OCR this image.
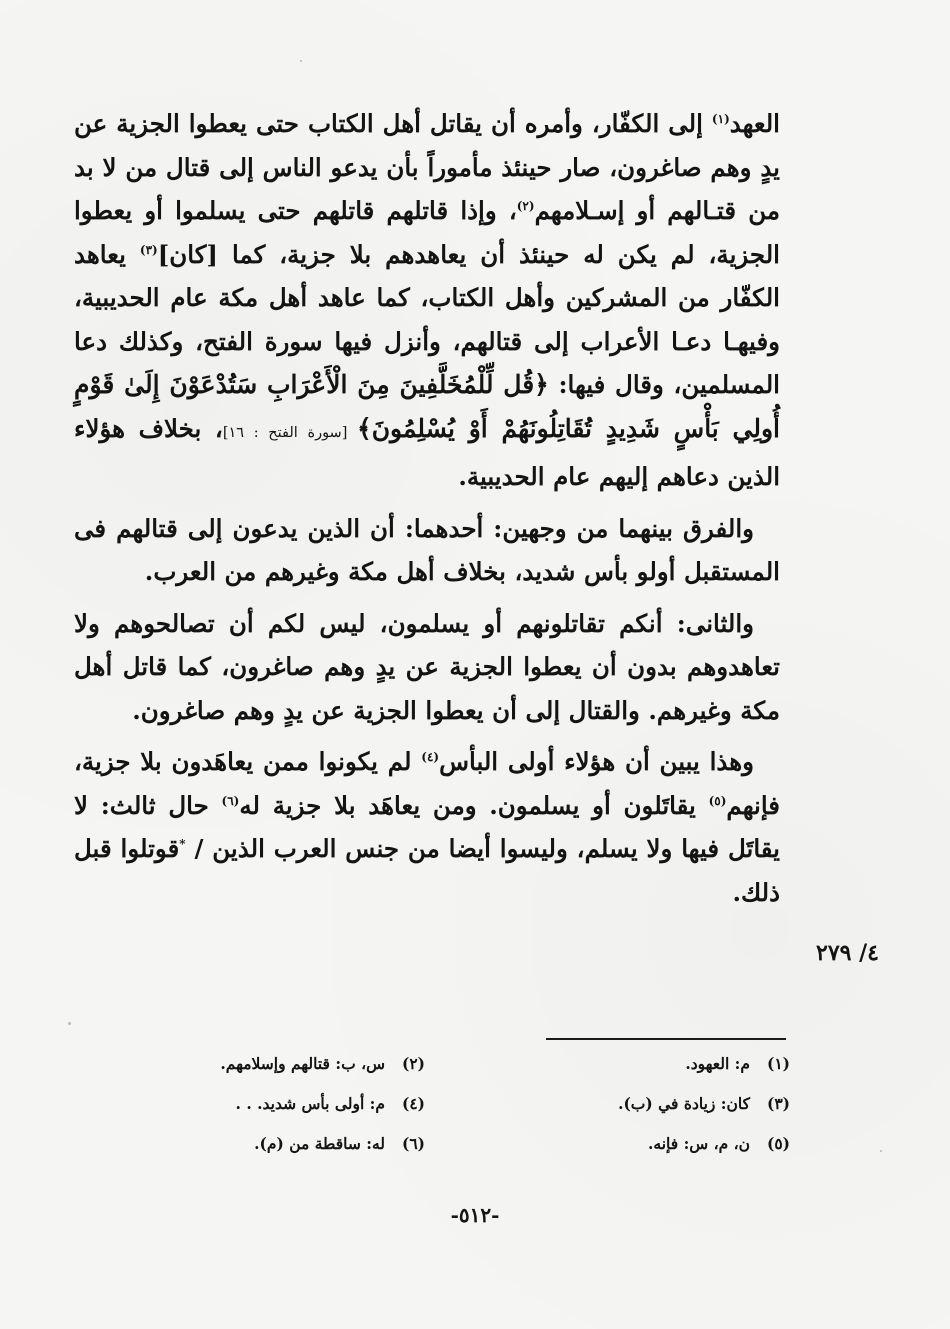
العهد$^{(١)}$ إلى الكفّار، وأمره أن يقاتل أهل الكتاب حتى يعطوا الجزية عن يدٍ وهم صاغرون، صار حينئذ مأموراً بأن يدعو الناس إلى قتال من لا بد من قتـالهم أو إسـلامهم$^{(٢)}$، وإذا قاتلهم قاتلهم حتى يسلموا أو يعطوا الجزية، لم يكن له حينئذ أن يعاهدهم بلا جزية، كما [كان]$^{(٣)}$ يعاهد الكفّار من المشركين وأهل الكتاب، كما عاهد أهل مكة عام الحديبية، وفيهـا دعـا الأعراب إلى قتالهم، وأنزل فيها سورة الفتح، وكذلك دعا المسلمين، وقال فيها: ﴿قُل لِّلْمُخَلَّفِينَ مِنَ الْأَعْرَابِ سَتُدْعَوْنَ إِلَىٰ قَوْمٍ أُولِي بَأْسٍ شَدِيدٍ تُقَاتِلُونَهُمْ أَوْ يُسْلِمُونَ﴾ [سورة الفتح : ١٦]، بخلاف هؤلاء الذين دعاهم إليهم عام الحديبية.

والفرق بينهما من وجهين: أحدهما: أن الذين يدعون إلى قتالهم فى المستقبل أولو بأس شديد، بخلاف أهل مكة وغيرهم من العرب.

والثانى: أنكم تقاتلونهم أو يسلمون، ليس لكم أن تصالحوهم ولا تعاهدوهم بدون أن يعطوا الجزية عن يدٍ وهم صاغرون، كما قاتل أهل مكة وغيرهم. والقتال إلى أن يعطوا الجزية عن يدٍ وهم صاغرون.

وهذا يبين أن هؤلاء أولى البأس$^{(٤)}$ لم يكونوا ممن يعاهَدون بلا جزية، فإنهم$^{(٥)}$ يقاتَلون أو يسلمون. ومن يعاهَد بلا جزية له$^{(٦)}$ حال ثالث: لا يقاتَل فيها ولا يسلم، وليسوا أيضا من جنس العرب الذين / *قوتلوا قبل ذلك.

٤/ ٢٧٩
(١)م: العهود.
(٢)س، ب: قتالهم وإسلامهم.
(٣)كان: زيادة في (ب).
(٤)م: أولى بأس شديد. . .
(٥)ن، م، س: فإنه.
(٦)له: ساقطة من (م).
-٥١٢-
